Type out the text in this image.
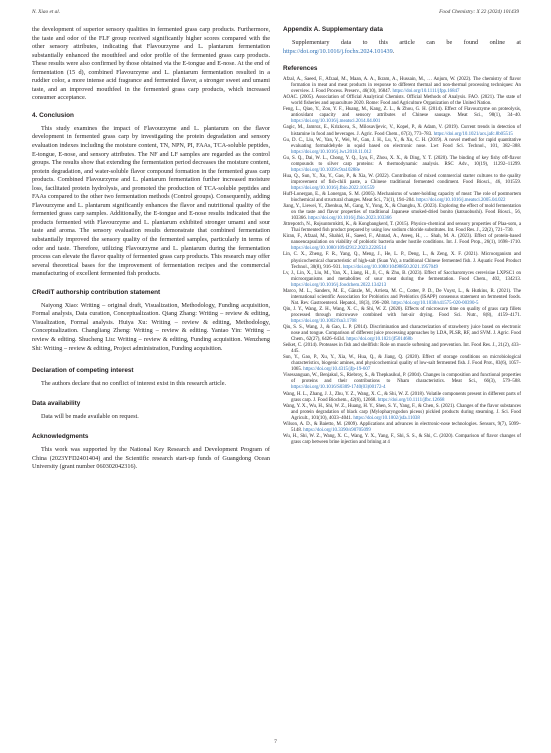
N. Xiao et al.	Food Chemistry: X 22 (2024) 101439

the development of superior sensory qualities in fermented grass carp products. Furthermore, the taste and odor of the FLF group received significantly higher scores compared with the other sensory attributes, indicating that Flavourzyme and L. plantarum fermentation substantially enhanced the mouthfeel and odor profile of the fermented grass carp products. These results were also confirmed by those obtained via the E-tongue and E-nose. At the end of fermentation (15 d), combined Flavourzyme and L. plantarum fermentation resulted in a ruddier color, a more intense acid fragrance and fermented flavor, a stronger sweet and umami taste, and an improved mouthfeel in the fermented grass carp products, which increased consumer acceptance.

4. Conclusion

This study examines the impact of Flavourzyme and L. plantarum on the flavor development in fermented grass carp by investigating the protein degradation and sensory evaluation indexes including the moisture content, TN, NPN, PI, FAAs, TCA-soluble peptides, E-tongue, E-nose, and sensory attributes. The NF and LF samples are regarded as the control groups. The results show that extending the fermentation period decreases the moisture content, protein degradation, and water-soluble flavor compound formation in the fermented grass carp products. Combined Flavourzyme and L. plantarum fermentation further increased moisture loss, facilitated protein hydrolysis, and promoted the production of TCA-soluble peptides and FAAs compared to the other two fermentation methods (Control groups). Consequently, adding Flavourzyme and L. plantarum significantly enhances the flavor and nutritional quality of the fermented grass carp samples. Additionally, the E-tongue and E-nose results indicated that the products fermented with Flavourzyme and L. plantarum exhibited stronger umami and sour taste and aroma. The sensory evaluation results demonstrate that combined fermentation substantially improved the sensory quality of the fermented samples, particularly in terms of odor and taste. Therefore, utilizing Flavourzyme and L. plantarum during the fermentation process can elevate the flavor quality of fermented grass carp products. This research may offer several theoretical bases for the improvement of fermentation recipes and the commercial manufacturing of excellent fermented fish products.

CRediT authorship contribution statement

Naiyong Xiao: Writing – original draft, Visualization, Methodology, Funding acquisition, Formal analysis, Data curation, Conceptualization. Qiang Zhang: Writing – review & editing, Visualization, Formal analysis. Huiya Xu: Writing – review & editing, Methodology, Conceptualization. Changliang Zheng: Writing – review & editing. Yantao Yin: Writing – review & editing. Shucheng Liu: Writing – review & editing, Funding acquisition. Wenzheng Shi: Writing – review & editing, Project administration, Funding acquisition.

Declaration of competing interest

The authors declare that no conflict of interest exist in this research article.

Data availability

Data will be made available on request.

Acknowledgments

This work was supported by the National Key Research and Development Program of China (2023YFD2401404) and the Scientific research start-up funds of Guangdong Ocean University (grant number 060302042316).

Appendix A. Supplementary data

Supplementary data to this article can be found online at https://doi.org/10.1016/j.fochx.2024.101439.

References

Afzal, A., Saeed, F., Afzaal, M., Maan, A. A., Ikram, A., Hussain, M., … Anjum, W. (2022). The chemistry of flavor formation in meat and meat products in response to different thermal and non-thermal processing techniques: An overview. J. Food Process. Preserv., 46(10), 16847. https://doi.org/10.1111/jfpp.16847
AOAC. (2005). Association of Official Analytical Chemists. Official Methods of Analysis. FAO. (2021). The state of world fisheries and aquaculture 2020. Rome: Food and Agriculture Organization of the United Nation.
Feng, L., Qiao, Y., Zou, Y. F., Huang, M., Kang, Z. L., & Zhou, G. H. (2014). Effect of Flavourzyme on proteolysis, antioxidant capacity and sensory attributes of Chinese sausage. Meat Sci., 98(1), 34–40. https://doi.org/10.1016/j.meatsci.2014.04.001
Gagic, M., Jamroz, E., Krizkova, S., Milosavljevic, V., Kopel, P., & Adam, V. (2019). Current trends in detection of histamine in food and beverages. J. Agric. Food Chem., 67(3), 773–783. https://doi.org/10.1021/acs.jafc.8b05515
Gu, D. C., Liu, W., Yan, Y., Wei, W., Gan, J. H., Lu, Y., & Xu, C. H. (2019). A novel method for rapid quantitative evaluating formaldehyde in squid based on electronic nose. Lwt Food Sci. Technol., 101, 382–388. https://doi.org/10.1016/j.lwt.2018.11.012
Gu, S. Q., Dai, W. L., Chong, Y. Q., Lyu, F., Zhou, X. X., & Ding, Y. T. (2020). The binding of key fishy off-flavor compounds to silver carp proteins: A thermodynamic analysis. RSC Adv., 10(19), 11292–11299. https://doi.org/10.1039/c9ra10288e
Hua, Q., Sun, Y., Xu, Y., Gao, P., & Xia, W. (2022). Contribution of mixed commercial starter cultures to the quality improvement of fish-chili paste, a Chinese traditional fermented condiment. Food Biosci., 46, 101559. https://doi.org/10.1016/j.fbio.2022.101559
Huff-Lonergan, E., & Lonergan, S. M. (2005). Mechanisms of water-holding capacity of meat: The role of postmortem biochemical and structural changes. Meat Sci., 71(1), 194–204. https://doi.org/10.1016/j.meatsci.2005.04.022
Jiang, Y., Liewei, Y., Zhenhua, M., Gang, Y., Yong, X., & Changhu, X. (2023). Exploring the effect of mold fermentation on the taste and flavor properties of traditional Japanese smoked-dried bonito (katsuobushi). Food Biosci., 56, 103366. https://doi.org/10.1016/j.fbio.2023.103366
Jittrepotch, N., Rojsuntornkitti, K., & Kongbangkerd, T. (2015). Physico-chemical and sensory properties of Plaa-som, a Thai fermented fish product prepared by using low sodium chloride substitutes. Int. Food Res. J., 22(2), 721–730.
Kiran, F., Afzaal, M., Shahid, H., Saeed, F., Ahmad, A., Ateeq, H., … Shah, M. A. (2023). Effect of protein-based nanoencapsulation on viability of probiotic bacteria under hostile conditions. Int. J. Food Prop., 26(1), 1698–1710. https://doi.org/10.1080/10942912.2023.2228514
Lin, C. X., Zheng, F. R., Yang, Q., Meng, J., He, L. P., Deng, L., & Zeng, X. F. (2021). Microorganism and physicochemical characteristic of high-salt (Suan Yu), a traditional Chinese fermented fish. J. Aquatic Food Product Technol., 30(8), 916–931. https://doi.org/10.1080/10498850.2021.1957049
Lv, J., Lin, X., Liu, M., Yan, X., Liang, H., Ji, C., & Zhu, B. (2023). Effect of Saccharomyces cerevisiae LXPSC1 on microorganisms and metabolites of sour meat during the fermentation. Food Chem., 402, 134213. https://doi.org/10.1016/j.foodchem.2022.134213
Marco, M. L., Sanders, M. E., Gänzle, M., Arrieta, M. C., Cotter, P. D., De Vuyst, L., & Hutkins, R. (2021). The international scientific Association for Probiotics and Prebiotics (ISAPP) consensus statement on fermented foods. Nat. Rev. Gastroenterol. Hepatol., 18(3), 196–208. https://doi.org/10.1038/s41575-020-00390-5
Qin, J. Y., Wang, Z. H., Wang, X. C., & Shi, W. Z. (2020). Effects of microwave time on quality of grass carp fillets processed through microwave combined with hot-air drying. Food Sci. Nutr., 8(8), 4159–4171. https://doi.org/10.1002/fsn3.1708
Qiu, S. S., Wang, J., & Gao, L. P. (2014). Discrimination and characterization of strawberry juice based on electronic nose and tongue. Comparison of different juice processing approaches by LDA, PLSR, RF, and SVM. J. Agric. Food Chem., 62(27), 6426–6434. https://doi.org/10.1021/jf501468b
Seiket, C. (2014). Proteases in fish and shellfish: Role on muscle softening and prevention. Int. Food Res. J., 21(2), 433–445.
Sun, Y., Gao, P., Xu, Y., Xia, W., Hua, Q., & Jiang, Q. (2020). Effect of storage conditions on microbiological characteristics, biogenic amines, and physicochemical quality of low-salt fermented fish. J. Food Prot., 83(6), 1057–1065. https://doi.org/10.4315/jfp-19-607
Visessanguan, W., Benjakul, S., Riebroy, S., & Thepkasikul, P. (2004). Changes in composition and functional properties of proteins and their contributions to Nham characteristics. Meat Sci., 66(3), 579–588. https://doi.org/10.1016/S0309-1740(03)00172-4
Wang, H. L., Zhang, J. J., Zhu, Y. Z., Wang, X. C., & Shi, W. Z. (2018). Volatile components present in different parts of grass carp. J. Food Biochem., 42(6), 12668. https://doi.org/10.1111/jfbc.12668
Wang, Y. X., Wu, H., Shi, W. Z., Huang, H. Y., Shen, S. Y., Yang, F., & Chen, S. (2021). Changes of the flavor substances and protein degradation of black carp (Mylopharyngodon piceus) pickled products during steaming. J. Sci. Food Agricult., 101(10), 4033–4041. https://doi.org/10.1002/jsfa.11038
Wilson, A. D., & Baietto, M. (2009). Applications and advances in electronic-nose technologies. Sensors, 9(7), 5099–5148. https://doi.org/10.3390/s90705099
Wu, H., Shi, W. Z., Wang, X. C., Wang, Y. X., Yang, F., Shi, S. S., & Shi, C. (2020). Comparison of flavor changes of grass carp between brine injection and brining at 4
7
